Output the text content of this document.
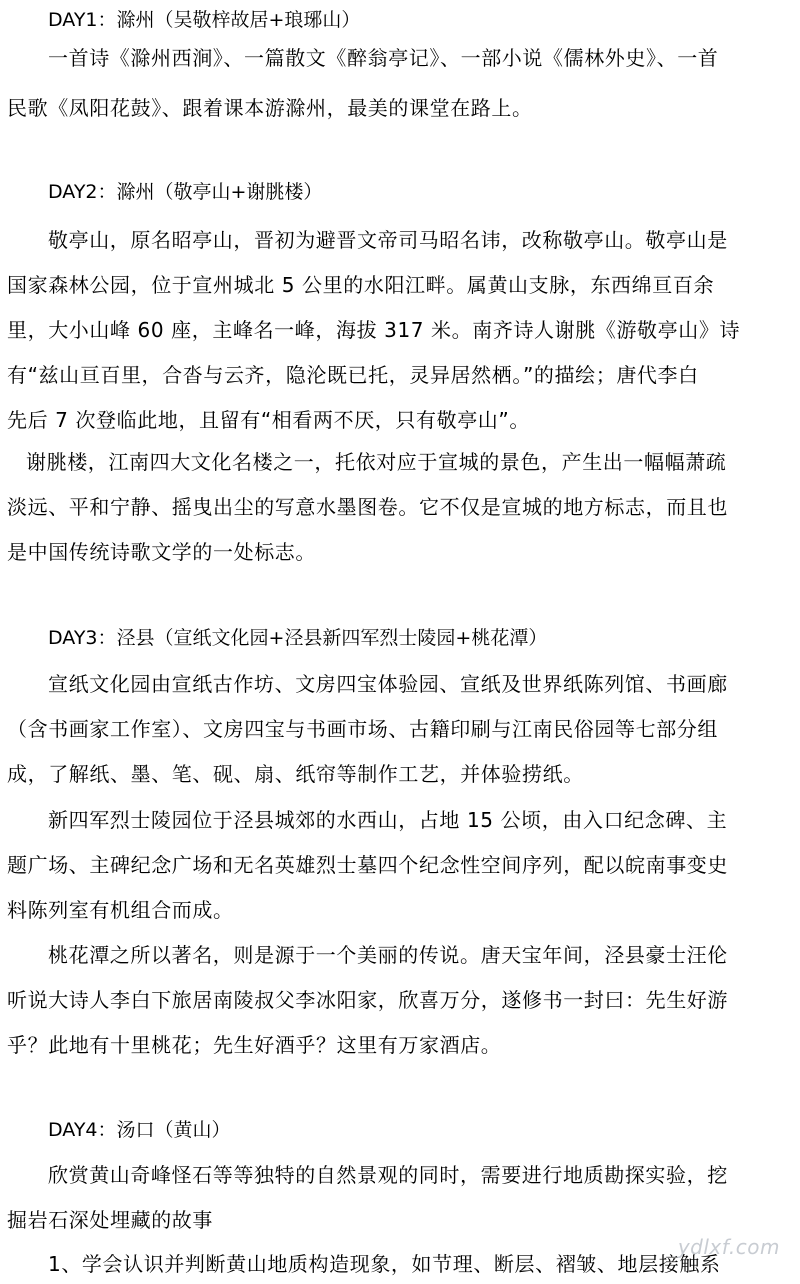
DAY1：滁州（吴敬梓故居+琅琊山）
一首诗《滁州西涧》、一篇散文《醉翁亭记》、一部小说《儒林外史》、一首
民歌《凤阳花鼓》、跟着课本游滁州，最美的课堂在路上。
DAY2：滁州（敬亭山+谢朓楼）
敬亭山，原名昭亭山，晋初为避晋文帝司马昭名讳，改称敬亭山。敬亭山是
国家森林公园，位于宣州城北 5 公里的水阳江畔。属黄山支脉，东西绵亘百余
里，大小山峰 60 座，主峰名一峰，海拔 317 米。南齐诗人谢朓《游敬亭山》诗
有“兹山亘百里，合沓与云齐，隐沦既已托，灵异居然栖。”的描绘；唐代李白
先后 7 次登临此地，且留有“相看两不厌，只有敬亭山”。
谢朓楼，江南四大文化名楼之一，托依对应于宣城的景色，产生出一幅幅萧疏
淡远、平和宁静、摇曳出尘的写意水墨图卷。它不仅是宣城的地方标志，而且也
是中国传统诗歌文学的一处标志。
DAY3：泾县（宣纸文化园+泾县新四军烈士陵园+桃花潭）
宣纸文化园由宣纸古作坊、文房四宝体验园、宣纸及世界纸陈列馆、书画廊
（含书画家工作室）、文房四宝与书画市场、古籍印刷与江南民俗园等七部分组
成，了解纸、墨、笔、砚、扇、纸帘等制作工艺，并体验捞纸。
新四军烈士陵园位于泾县城郊的水西山，占地 15 公顷，由入口纪念碑、主
题广场、主碑纪念广场和无名英雄烈士墓四个纪念性空间序列，配以皖南事变史
料陈列室有机组合而成。
桃花潭之所以著名，则是源于一个美丽的传说。唐天宝年间，泾县豪士汪伦
听说大诗人李白下旅居南陵叔父李冰阳家，欣喜万分，遂修书一封曰：先生好游
乎？此地有十里桃花；先生好酒乎？这里有万家酒店。
DAY4：汤口（黄山）
欣赏黄山奇峰怪石等等独特的自然景观的同时，需要进行地质勘探实验，挖
掘岩石深处埋藏的故事
1、学会认识并判断黄山地质构造现象，如节理、断层、褶皱、地层接触系
ydlxf.com
